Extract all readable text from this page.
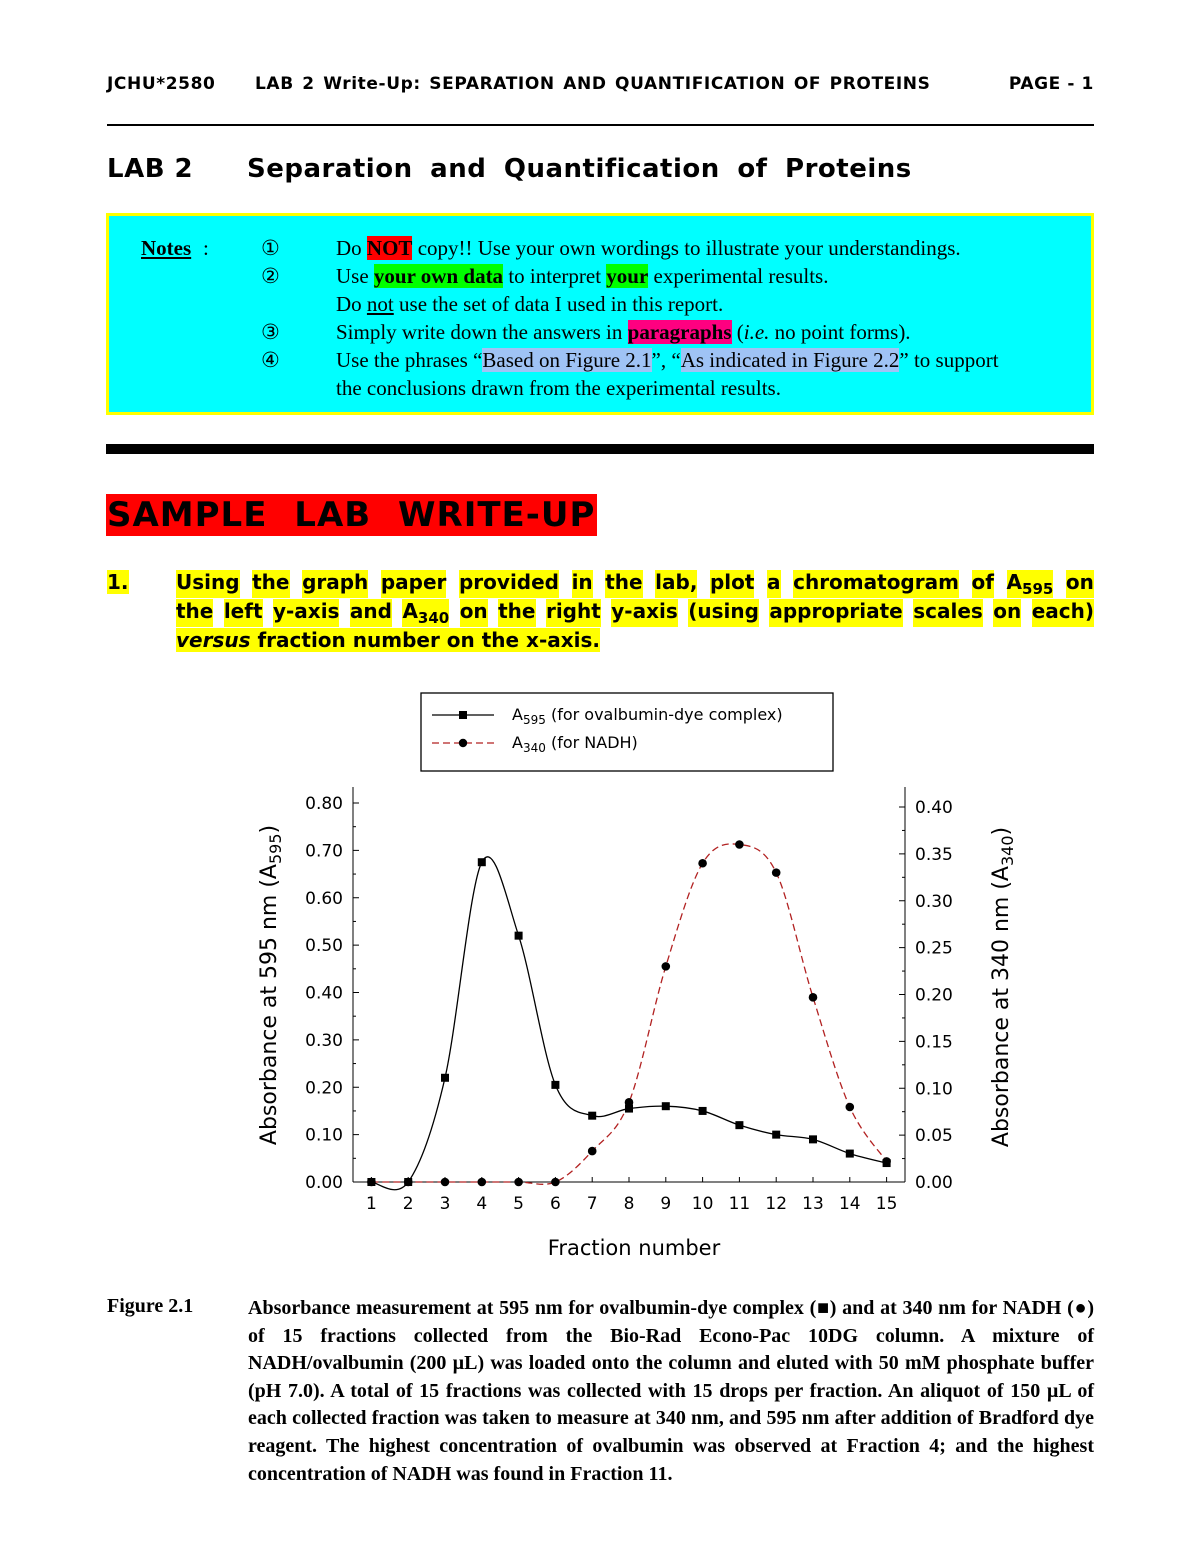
JCHU*2580 LAB 2 Write-Up: SEPARATION AND QUANTIFICATION OF PROTEINS	PAGE - 1
LAB 2 Separation and Quantification of Proteins
Notes : ①	Do NOT copy!! Use your own wordings to illustrate your understandings.
②	Use your own data to interpret your experimental results.
Do not use the set of data I used in this report.
③	Simply write down the answers in paragraphs (i.e. no point forms).
④	Use the phrases “Based on Figure 2.1”, “As indicated in Figure 2.2” to support
the conclusions drawn from the experimental results.
SAMPLE LAB WRITE-UP
1. Using the graph paper provided in the lab, plot a chromatogram of $A_{595}$ on
the left y-axis and $A_{340}$ on the right y-axis (using appropriate scales on each)
versus fraction number on the x-axis.
$A_{595}$ (for ovalbumin-dye complex)
$A_{340}$ (for NADH)
0.00
0.10
0.20
0.30
0.40
0.50
0.60
0.70
0.80
0.00
0.05
0.10
0.15
0.20
0.25
0.30
0.35
0.40
1 2 3 4 5 6 7 8 9 10 11 12 13 14 15
Fraction number
Absorbance at 595 nm $(A_{595})$
Absorbance at 340 nm $(A_{340})$
Figure 2.1	Absorbance measurement at 595 nm for ovalbumin-dye complex (■) and at 340 nm for NADH (●) of 15 fractions collected from the Bio-Rad Econo-Pac 10DG column. A mixture of NADH/ovalbumin (200 µL) was loaded onto the column and eluted with 50 mM phosphate buffer (pH 7.0). A total of 15 fractions was collected with 15 drops per fraction. An aliquot of 150 µL of each collected fraction was taken to measure at 340 nm, and 595 nm after addition of Bradford dye reagent. The highest concentration of ovalbumin was observed at Fraction 4; and the highest concentration of NADH was found in Fraction 11.
